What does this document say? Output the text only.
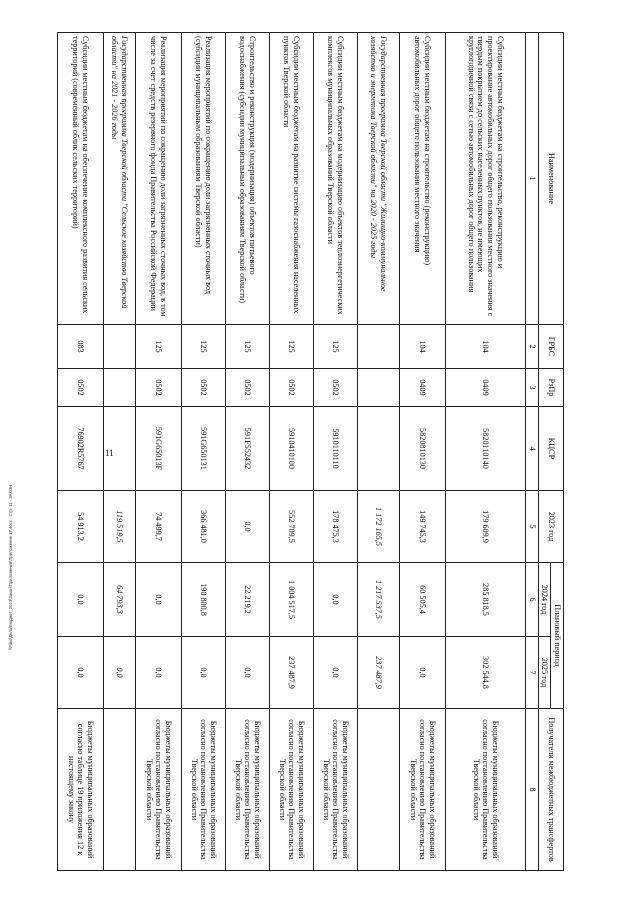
11
Наименование	ГРБС	РзПр	КЦСР	2023 год	Плановый период		Получатели межбюджетных трансфертов
					2024 год	2025 год	
1	2	3	4	5	6	7	8
Субсидии местным бюджетам на строительство, реконструкцию и проектирование автомобильных дорог общего пользования местного значения с твердым покрытием до сельских населенных пунктов, не имеющих круглогодичной связи с сетью автомобильных дорог общего пользования	104	0409	5820110140	179 609,9	285 818,5	302 544,8	Бюджеты муниципальных образований согласно постановлению Правительства Тверской области
Субсидии местным бюджетам на строительство (реконструкцию) автомобильных дорог общего пользования местного значения	104	0409	5820810130	149 745,3	60 505,4	0,0	Бюджеты муниципальных образований согласно постановлению Правительства Тверской области
Государственная программа Тверской области "Жилищно-коммунальное хозяйство и энергетика Тверской области" на 2020 - 2025 годы				1 172 165,5	1 217 537,5	237 487,9	
Субсидии местным бюджетам на модернизацию объектов теплоэнергетических комплексов муниципальных образований Тверской области	125	0502	5910110110	178 475,3	0,0	0,0	Бюджеты муниципальных образований согласно постановлению Правительства Тверской области
Субсидии местным бюджетам на развитие системы газоснабжения населенных пунктов Тверской области	125	0502	5910410100	552 709,5	1 004 517,5	237 487,9	Бюджеты муниципальных образований согласно постановлению Правительства Тверской области
Строительство и реконструкция (модернизация) объектов питьевого водоснабжения (субсидии муниципальным образованиям Тверской области)	125	0502	591F552432	0,0	22 219,2	0,0	Бюджеты муниципальных образований согласно постановлению Правительства Тверской области
Реализация мероприятий по сокращению доли загрязненных сточных вод (субсидии муниципальным образованиям Тверской области)	125	0502	591G650131	366 481,0	190 800,8	0,0	Бюджеты муниципальных образований согласно постановлению Правительства Тверской области
Реализация мероприятий по сокращению доли загрязненных сточных вод, в том числе за счет средств резервного фонда Правительства Российской Федерации	125	0502	591G65013F	74 499,7	0,0	0,0	Бюджеты муниципальных образований согласно постановлению Правительства Тверской области
Государственная программа Тверской области "Сельское хозяйство Тверской области" на 2021 - 2026 годы				119 519,5	64 793,3	0,0	
Субсидии местным бюджетам на обеспечение комплексного развития сельских территорий (современный облик сельских территорий)	083	0502	76902R5767	54 913,2	0,0	0,0	Бюджеты муниципальных образований согласно таблице 19 приложения 12 к настоящему закону
\\Files\Дела\Бюджет_2023\Закон\Приложения\Приложение 17.docx · Стр. 11 · ЗАКОН
